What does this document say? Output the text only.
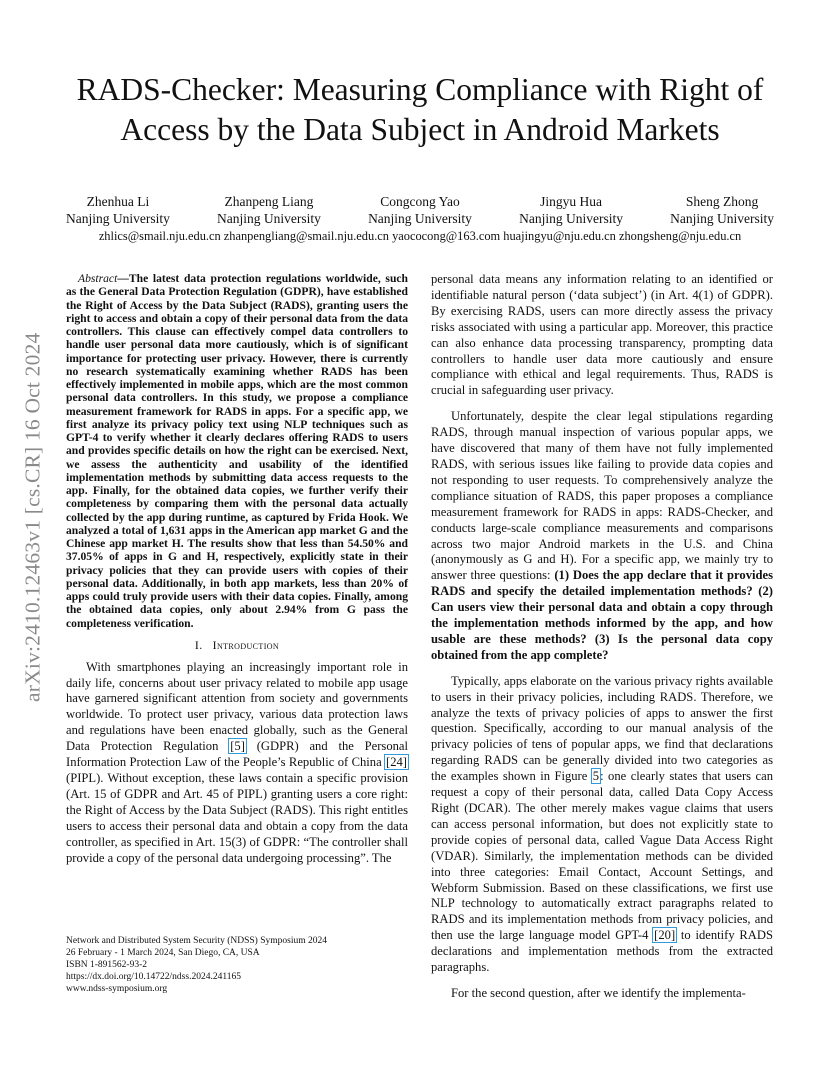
arXiv:2410.12463v1 [cs.CR] 16 Oct 2024
RADS-Checker: Measuring Compliance with Right of Access by the Data Subject in Android Markets
Zhenhua Li
Nanjing University
Zhanpeng Liang
Nanjing University
Congcong Yao
Nanjing University
Jingyu Hua
Nanjing University
Sheng Zhong
Nanjing University
zhlics@smail.nju.edu.cn zhanpengliang@smail.nju.edu.cn yaococong@163.com huajingyu@nju.edu.cn zhongsheng@nju.edu.cn

Abstract—The latest data protection regulations worldwide, such as the General Data Protection Regulation (GDPR), have established the Right of Access by the Data Subject (RADS), granting users the right to access and obtain a copy of their personal data from the data controllers. This clause can effectively compel data controllers to handle user personal data more cautiously, which is of significant importance for protecting user privacy. However, there is currently no research systematically examining whether RADS has been effectively implemented in mobile apps, which are the most common personal data controllers. In this study, we propose a compliance measurement framework for RADS in apps. For a specific app, we first analyze its privacy policy text using NLP techniques such as GPT-4 to verify whether it clearly declares offering RADS to users and provides specific details on how the right can be exercised. Next, we assess the authenticity and usability of the identified implementation methods by submitting data access requests to the app. Finally, for the obtained data copies, we further verify their completeness by comparing them with the personal data actually collected by the app during runtime, as captured by Frida Hook. We analyzed a total of 1,631 apps in the American app market G and the Chinese app market H. The results show that less than 54.50% and 37.05% of apps in G and H, respectively, explicitly state in their privacy policies that they can provide users with copies of their personal data. Additionally, in both app markets, less than 20% of apps could truly provide users with their data copies. Finally, among the obtained data copies, only about 2.94% from G pass the completeness verification.

I. Introduction

With smartphones playing an increasingly important role in daily life, concerns about user privacy related to mobile app usage have garnered significant attention from society and governments worldwide. To protect user privacy, various data protection laws and regulations have been enacted globally, such as the General Data Protection Regulation [5] (GDPR) and the Personal Information Protection Law of the People’s Republic of China [24] (PIPL). Without exception, these laws contain a specific provision (Art. 15 of GDPR and Art. 45 of PIPL) granting users a core right: the Right of Access by the Data Subject (RADS). This right entitles users to access their personal data and obtain a copy from the data controller, as specified in Art. 15(3) of GDPR: “The controller shall provide a copy of the personal data undergoing processing”. The

Network and Distributed System Security (NDSS) Symposium 2024
26 February - 1 March 2024, San Diego, CA, USA
ISBN 1-891562-93-2
https://dx.doi.org/10.14722/ndss.2024.241165
www.ndss-symposium.org

personal data means any information relating to an identified or identifiable natural person (‘data subject’) (in Art. 4(1) of GDPR). By exercising RADS, users can more directly assess the privacy risks associated with using a particular app. Moreover, this practice can also enhance data processing transparency, prompting data controllers to handle user data more cautiously and ensure compliance with ethical and legal requirements. Thus, RADS is crucial in safeguarding user privacy.

Unfortunately, despite the clear legal stipulations regarding RADS, through manual inspection of various popular apps, we have discovered that many of them have not fully implemented RADS, with serious issues like failing to provide data copies and not responding to user requests. To comprehensively analyze the compliance situation of RADS, this paper proposes a compliance measurement framework for RADS in apps: RADS-Checker, and conducts large-scale compliance measurements and comparisons across two major Android markets in the U.S. and China (anonymously as G and H). For a specific app, we mainly try to answer three questions: (1) Does the app declare that it provides RADS and specify the detailed implementation methods? (2) Can users view their personal data and obtain a copy through the implementation methods informed by the app, and how usable are these methods? (3) Is the personal data copy obtained from the app complete?

Typically, apps elaborate on the various privacy rights available to users in their privacy policies, including RADS. Therefore, we analyze the texts of privacy policies of apps to answer the first question. Specifically, according to our manual analysis of the privacy policies of tens of popular apps, we find that declarations regarding RADS can be generally divided into two categories as the examples shown in Figure 5: one clearly states that users can request a copy of their personal data, called Data Copy Access Right (DCAR). The other merely makes vague claims that users can access personal information, but does not explicitly state to provide copies of personal data, called Vague Data Access Right (VDAR). Similarly, the implementation methods can be divided into three categories: Email Contact, Account Settings, and Webform Submission. Based on these classifications, we first use NLP technology to automatically extract paragraphs related to RADS and its implementation methods from privacy policies, and then use the large language model GPT-4 [20] to identify RADS declarations and implementation methods from the extracted paragraphs.

For the second question, after we identify the implementa-
